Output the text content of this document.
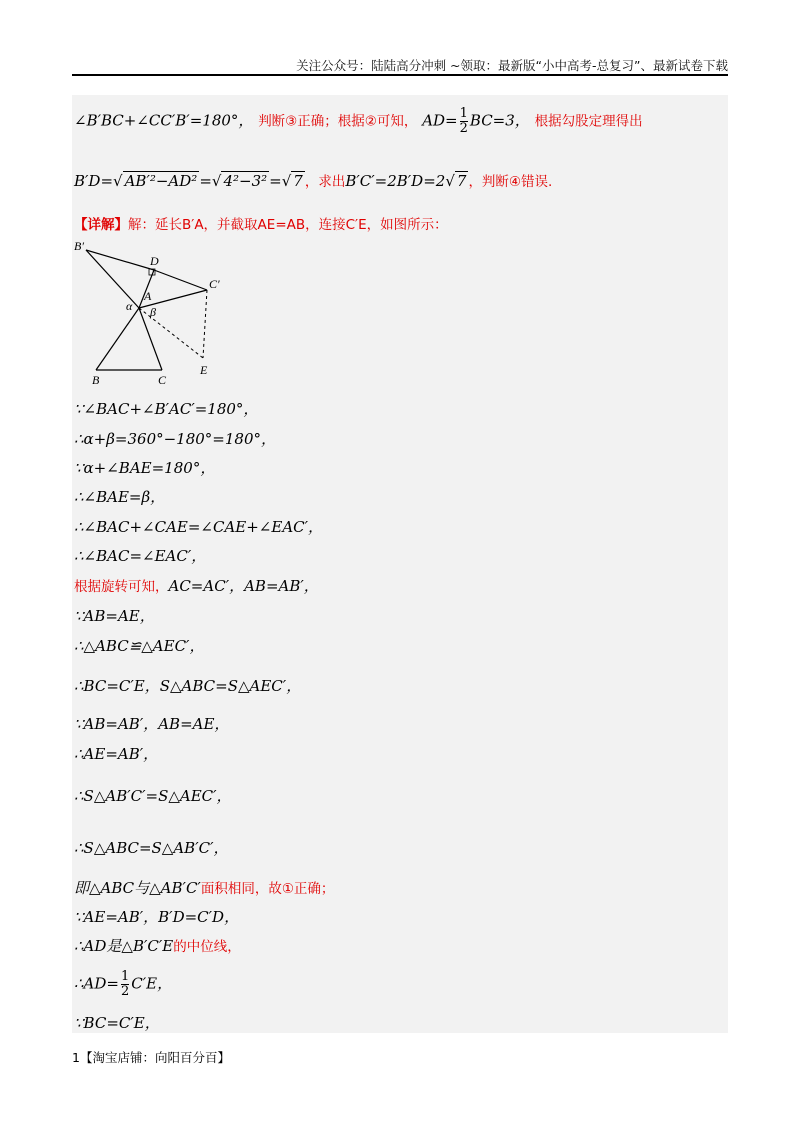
关注公众号：陆陆高分冲刺 ~领取：最新版“小中高考-总复习”、最新试卷下载
∠B′BC+∠CC′B′=180°， 判断③正确；根据②可知， $AD= \frac{1}{2} BC=3$， 根据勾股定理得出
B′D=√ AB′²−AD² =√ 4²−3² =√ 7 ，求出B′C′=2B′D=2√ 7 ，判断④错误.
【详解】解：延长B′A，并截取AE=AB，连接C′E，如图所示：
B′
D
C′
A
α β
B	C
E
∵∠BAC+∠B′AC′=180°，
∴α+β=360°−180°=180°，
∵α+∠BAE=180°，
∴∠BAE=β，
∴∠BAC+∠CAE=∠CAE+∠EAC′，
∴∠BAC=∠EAC′，
根据旋转可知，AC=AC′，AB=AB′，
∵AB=AE，
∴△ABC≌△AEC′，
∴BC=C′E，S△ABC=S△AEC′，
∵AB=AB′，AB=AE，
∴AE=AB′，
∴S△AB′C′=S△AEC′，
∴S△ABC=S△AB′C′，
即△ABC与△AB′C′面积相同，故①正确；
∵AE=AB′，B′D=C′D，
∴AD是△B′C′E的中位线，
∴AD= $\frac{1}{2} C'E$，
∵BC=C′E，
1【淘宝店铺：向阳百分百】
